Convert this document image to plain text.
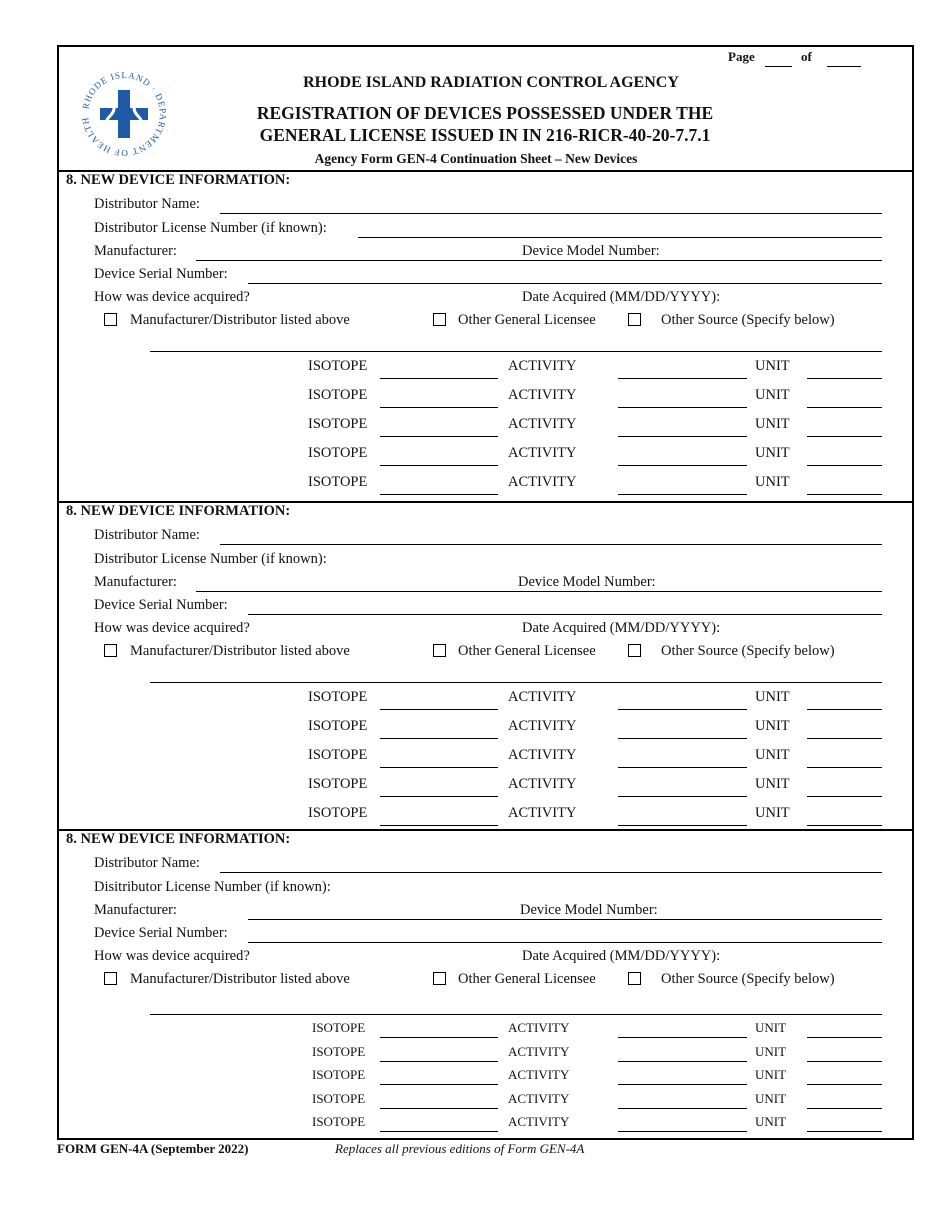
Page	of
RHODE ISLAND · DEPARTMENT OF HEALTH
RHODE ISLAND RADIATION CONTROL AGENCY
REGISTRATION OF DEVICES POSSESSED UNDER THE
GENERAL LICENSE ISSUED IN IN 216-RICR-40-20-7.7.1
Agency Form GEN-4 Continuation Sheet – New Devices
8. NEW DEVICE INFORMATION:
Distributor Name:
Distributor License Number (if known):
Manufacturer:	Device Model Number:
Device Serial Number:
How was device acquired?	Date Acquired (MM/DD/YYYY):
Manufacturer/Distributor listed above	Other General Licensee	Other Source (Specify below)
ISOTOPE	ACTIVITY	UNIT
ISOTOPE	ACTIVITY	UNIT
ISOTOPE	ACTIVITY	UNIT
ISOTOPE	ACTIVITY	UNIT
ISOTOPE	ACTIVITY	UNIT
8. NEW DEVICE INFORMATION:
Distributor Name:
Distributor License Number (if known):
Manufacturer:	Device Model Number:
Device Serial Number:
How was device acquired?	Date Acquired (MM/DD/YYYY):
Manufacturer/Distributor listed above	Other General Licensee	Other Source (Specify below)
ISOTOPE	ACTIVITY	UNIT
ISOTOPE	ACTIVITY	UNIT
ISOTOPE	ACTIVITY	UNIT
ISOTOPE	ACTIVITY	UNIT
ISOTOPE	ACTIVITY	UNIT
8. NEW DEVICE INFORMATION:
Distributor Name:
Disitributor License Number (if known):
Manufacturer:	Device Model Number:
Device Serial Number:
How was device acquired?	Date Acquired (MM/DD/YYYY):
Manufacturer/Distributor listed above	Other General Licensee	Other Source (Specify below)
ISOTOPE	ACTIVITY	UNIT
ISOTOPE	ACTIVITY	UNIT
ISOTOPE	ACTIVITY	UNIT
ISOTOPE	ACTIVITY	UNIT
ISOTOPE	ACTIVITY	UNIT
FORM GEN-4A (September 2022)	Replaces all previous editions of Form GEN-4A
